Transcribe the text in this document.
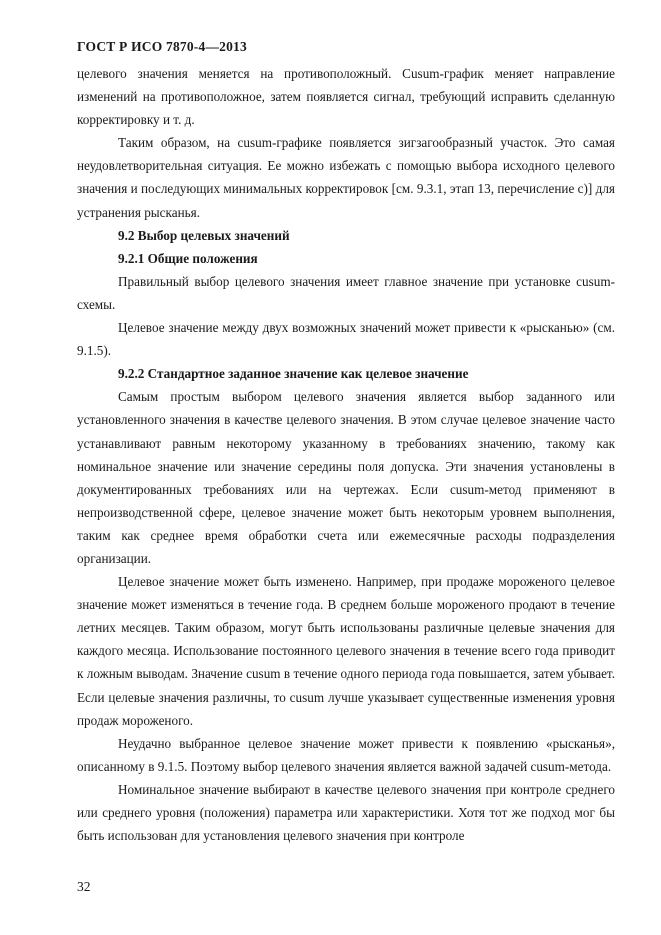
ГОСТ Р ИСО 7870-4—2013

целевого значения меняется на противоположный. Cusum-график меняет направление изменений на противоположное, затем появляется сигнал, требующий исправить сделанную корректировку и т. д.

Таким образом, на cusum-графике появляется зигзагообразный участок. Это самая неудовлетворительная ситуация. Ее можно избежать с помощью выбора исходного целевого значения и последующих минимальных корректировок [см. 9.3.1, этап 13, перечисление с)] для устранения рысканья.

9.2 Выбор целевых значений

9.2.1 Общие положения

Правильный выбор целевого значения имеет главное значение при установке cusum-схемы.

Целевое значение между двух возможных значений может привести к «рысканью» (см. 9.1.5).

9.2.2 Стандартное заданное значение как целевое значение

Самым простым выбором целевого значения является выбор заданного или установленного значения в качестве целевого значения. В этом случае целевое значение часто устанавливают равным некоторому указанному в требованиях значению, такому как номинальное значение или значение середины поля допуска. Эти значения установлены в документированных требованиях или на чертежах. Если cusum-метод применяют в непроизводственной сфере, целевое значение может быть некоторым уровнем выполнения, таким как среднее время обработки счета или ежемесячные расходы подразделения организации.

Целевое значение может быть изменено. Например, при продаже мороженого целевое значение может изменяться в течение года. В среднем больше мороженого продают в течение летних месяцев. Таким образом, могут быть использованы различные целевые значения для каждого месяца. Использование постоянного целевого значения в течение всего года приводит к ложным выводам. Значение cusum в течение одного периода года повышается, затем убывает. Если целевые значения различны, то cusum лучше указывает существенные изменения уровня продаж мороженого.

Неудачно выбранное целевое значение может привести к появлению «рысканья», описанному в 9.1.5. Поэтому выбор целевого значения является важной задачей cusum-метода.

Номинальное значение выбирают в качестве целевого значения при контроле среднего или среднего уровня (положения) параметра или характеристики. Хотя тот же подход мог бы быть использован для установления целевого значения при контроле

32
